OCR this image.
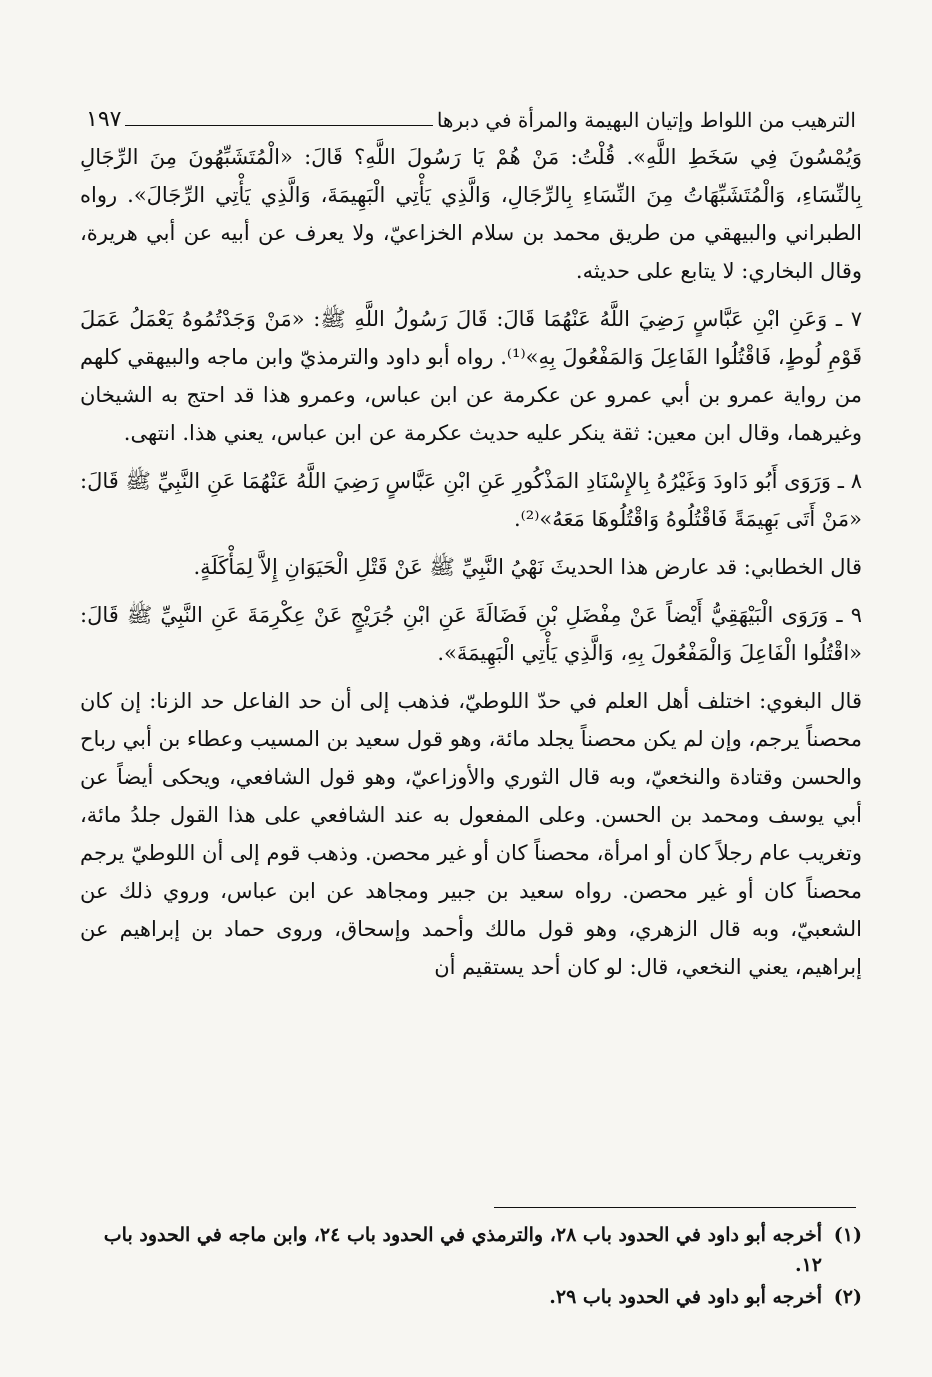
الترهيب من اللواط وإتيان البهيمة والمرأة في دبرها
١٩٧

وَيُمْسُونَ فِي سَخَطِ اللَّهِ». قُلْتُ: مَنْ هُمْ يَا رَسُولَ اللَّهِ؟ قَالَ: «الْمُتَشَبِّهُونَ مِنَ الرِّجَالِ بِالنِّسَاءِ، وَالْمُتَشَبِّهَاتُ مِنَ النِّسَاءِ بِالرِّجَالِ، وَالَّذِي يَأْتِي الْبَهِيمَةَ، وَالَّذِي يَأْتِي الرِّجَالَ». رواه الطبراني والبيهقي من طريق محمد بن سلام الخزاعيّ، ولا يعرف عن أبيه عن أبي هريرة، وقال البخاري: لا يتابع على حديثه.

٧ ـ وَعَنِ ابْنِ عَبَّاسٍ رَضِيَ اللَّهُ عَنْهُمَا قَالَ: قَالَ رَسُولُ اللَّهِ ﷺ: «مَنْ وَجَدْتُمُوهُ يَعْمَلُ عَمَلَ قَوْمِ لُوطٍ، فَاقْتُلُوا الفَاعِلَ وَالمَفْعُولَ بِهِ»⁽¹⁾. رواه أبو داود والترمذيّ وابن ماجه والبيهقي كلهم من رواية عمرو بن أبي عمرو عن عكرمة عن ابن عباس، وعمرو هذا قد احتج به الشيخان وغيرهما، وقال ابن معين: ثقة ينكر عليه حديث عكرمة عن ابن عباس، يعني هذا. انتهى.

٨ ـ وَرَوَى أَبُو دَاودَ وَغَيْرُهُ بِالإِسْنَادِ المَذْكُورِ عَنِ ابْنِ عَبَّاسٍ رَضِيَ اللَّهُ عَنْهُمَا عَنِ النَّبِيِّ ﷺ قَالَ: «مَنْ أَتَى بَهِيمَةً فَاقْتُلُوهُ وَاقْتُلُوهَا مَعَهُ»⁽²⁾.

قال الخطابي: قد عارض هذا الحديثَ نَهْيُ النَّبِيِّ ﷺ عَنْ قَتْلِ الْحَيَوَانِ إِلاَّ لِمَأْكَلَةٍ.

٩ ـ وَرَوَى الْبَيْهَقِيُّ أَيْضاً عَنْ مِفْضَلِ بْنِ فَضَالَةَ عَنِ ابْنِ جُرَيْجٍ عَنْ عِكْرِمَةَ عَنِ النَّبِيِّ ﷺ قَالَ: «اقْتُلُوا الْفَاعِلَ وَالْمَفْعُولَ بِهِ، وَالَّذِي يَأْتِي الْبَهِيمَةَ».

قال البغوي: اختلف أهل العلم في حدّ اللوطيّ، فذهب إلى أن حد الفاعل حد الزنا: إن كان محصناً يرجم، وإن لم يكن محصناً يجلد مائة، وهو قول سعيد بن المسيب وعطاء بن أبي رباح والحسن وقتادة والنخعيّ، وبه قال الثوري والأوزاعيّ، وهو قول الشافعي، ويحكى أيضاً عن أبي يوسف ومحمد بن الحسن. وعلى المفعول به عند الشافعي على هذا القول جلدُ مائة، وتغريب عام رجلاً كان أو امرأة، محصناً كان أو غير محصن. وذهب قوم إلى أن اللوطيّ يرجم محصناً كان أو غير محصن. رواه سعيد بن جبير ومجاهد عن ابن عباس، وروي ذلك عن الشعبيّ، وبه قال الزهري، وهو قول مالك وأحمد وإسحاق، وروى حماد بن إبراهيم عن إبراهيم، يعني النخعي، قال: لو كان أحد يستقيم أن

(١)
أخرجه أبو داود في الحدود باب ٢٨، والترمذي في الحدود باب ٢٤، وابن ماجه في الحدود باب ١٢.
(٢)
أخرجه أبو داود في الحدود باب ٢٩.
